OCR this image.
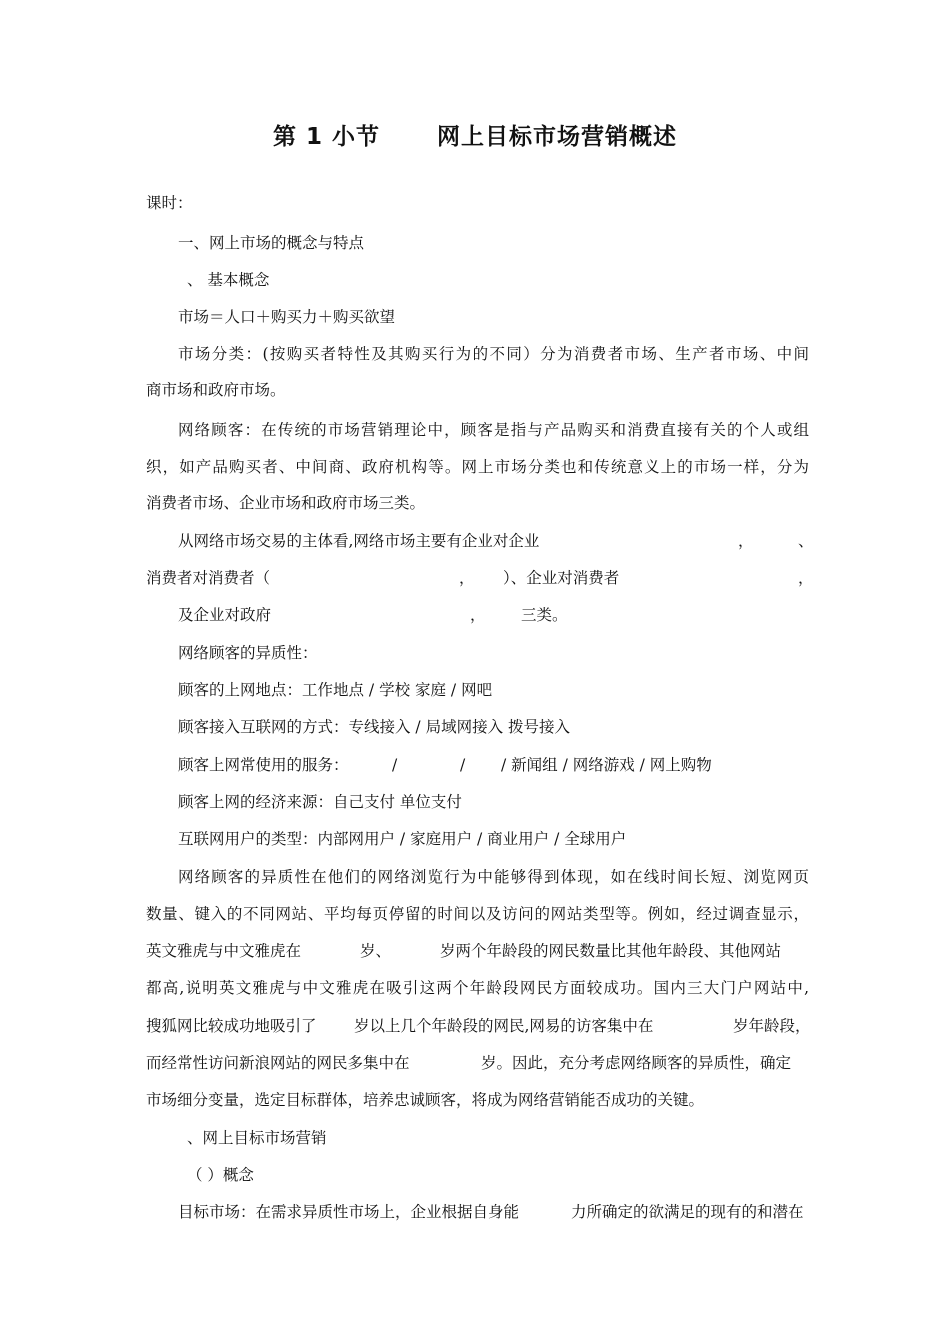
第 1 小节　　 网上目标市场营销概述
课时：
一、网上市场的概念与特点
、 基本概念
市场＝人口＋购买力＋购买欲望
市场分类：(按购买者特性及其购买行为的不同）分为消费者市场、生产者市场、中间
商市场和政府市场。
网络顾客：在传统的市场营销理论中，顾客是指与产品购买和消费直接有关的个人或组
织，如产品购买者、中间商、政府机构等。网上市场分类也和传统意义上的市场一样，分为
消费者市场、企业市场和政府市场三类。
从网络市场交易的主体看,网络市场主要有企业对企业	，	、
消费者对消费者（	， ）、企业对消费者	，
及企业对政府	， 三类。
网络顾客的异质性：
顾客的上网地点：工作地点 / 学校 家庭 / 网吧
顾客接入互联网的方式：专线接入 / 局域网接入 拨号接入
顾客上网常使用的服务：	/	/ / 新闻组 / 网络游戏 / 网上购物
顾客上网的经济来源：自己支付 单位支付
互联网用户的类型：内部网用户 / 家庭用户 / 商业用户 / 全球用户
网络顾客的异质性在他们的网络浏览行为中能够得到体现，如在线时间长短、浏览网页
数量、键入的不同网站、平均每页停留的时间以及访问的网站类型等。例如，经过调查显示，
英文雅虎与中文雅虎在	岁、	岁两个年龄段的网民数量比其他年龄段、其他网站
都高,说明英文雅虎与中文雅虎在吸引这两个年龄段网民方面较成功。国内三大门户网站中,
搜狐网比较成功地吸引了 岁以上几个年龄段的网民,网易的访客集中在	岁年龄段，
而经常性访问新浪网站的网民多集中在	岁。因此，充分考虑网络顾客的异质性，确定
市场细分变量，选定目标群体，培养忠诚顾客，将成为网络营销能否成功的关键。
、网上目标市场营销
（ ）概念
目标市场：在需求异质性市场上，企业根据自身能	力所确定的欲满足的现有的和潜在
